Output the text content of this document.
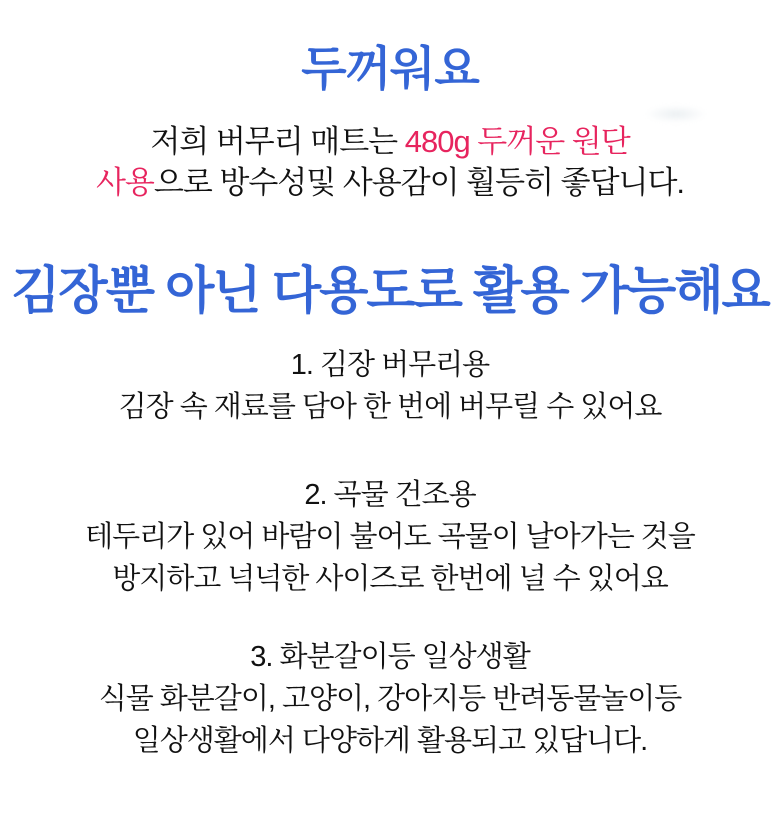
두꺼워요
저희 버무리 매트는 480g 두꺼운 원단
사용으로 방수성및 사용감이 훨등히 좋답니다.
김장뿐 아닌 다용도로 활용 가능해요
1. 김장 버무리용
김장 속 재료를 담아 한 번에 버무릴 수 있어요
2. 곡물 건조용
테두리가 있어 바람이 불어도 곡물이 날아가는 것을
방지하고 넉넉한 사이즈로 한번에 널 수 있어요
3. 화분갈이등 일상생활
식물 화분갈이, 고양이, 강아지등 반려동물놀이등
일상생활에서 다양하게 활용되고 있답니다.
